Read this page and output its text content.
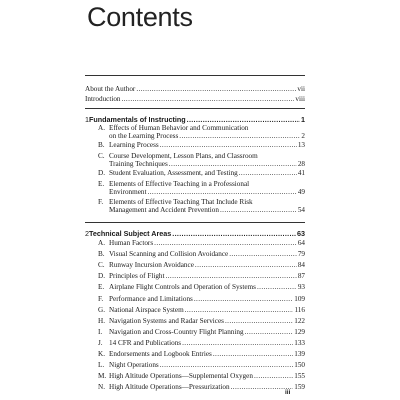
Contents
About the Author .....	vii
Introduction .....	viii
1 Fundamentals of Instructing .....	1
A. Effects of Human Behavior and Communication
on the Learning Process .....	2
B. Learning Process .....	13
C. Course Development, Lesson Plans, and Classroom
Training Techniques .....	28
D. Student Evaluation, Assessment, and Testing .....	41
E. Elements of Effective Teaching in a Professional
Environment .....	49
F. Elements of Effective Teaching That Include Risk
Management and Accident Prevention .....	54
2 Technical Subject Areas .....	63
A. Human Factors .....	64
B. Visual Scanning and Collision Avoidance .....	79
C. Runway Incursion Avoidance .....	84
D. Principles of Flight .....	87
E. Airplane Flight Controls and Operation of Systems .....	93
F. Performance and Limitations .....	109
G. National Airspace System .....	116
H. Navigation Systems and Radar Services .....	122
I. Navigation and Cross-Country Flight Planning .....	129
J. 14 CFR and Publications .....	133
K. Endorsements and Logbook Entries .....	139
L. Night Operations .....	150
M. High Altitude Operations—Supplemental Oxygen .....	155
N. High Altitude Operations—Pressurization .....	159
iii
